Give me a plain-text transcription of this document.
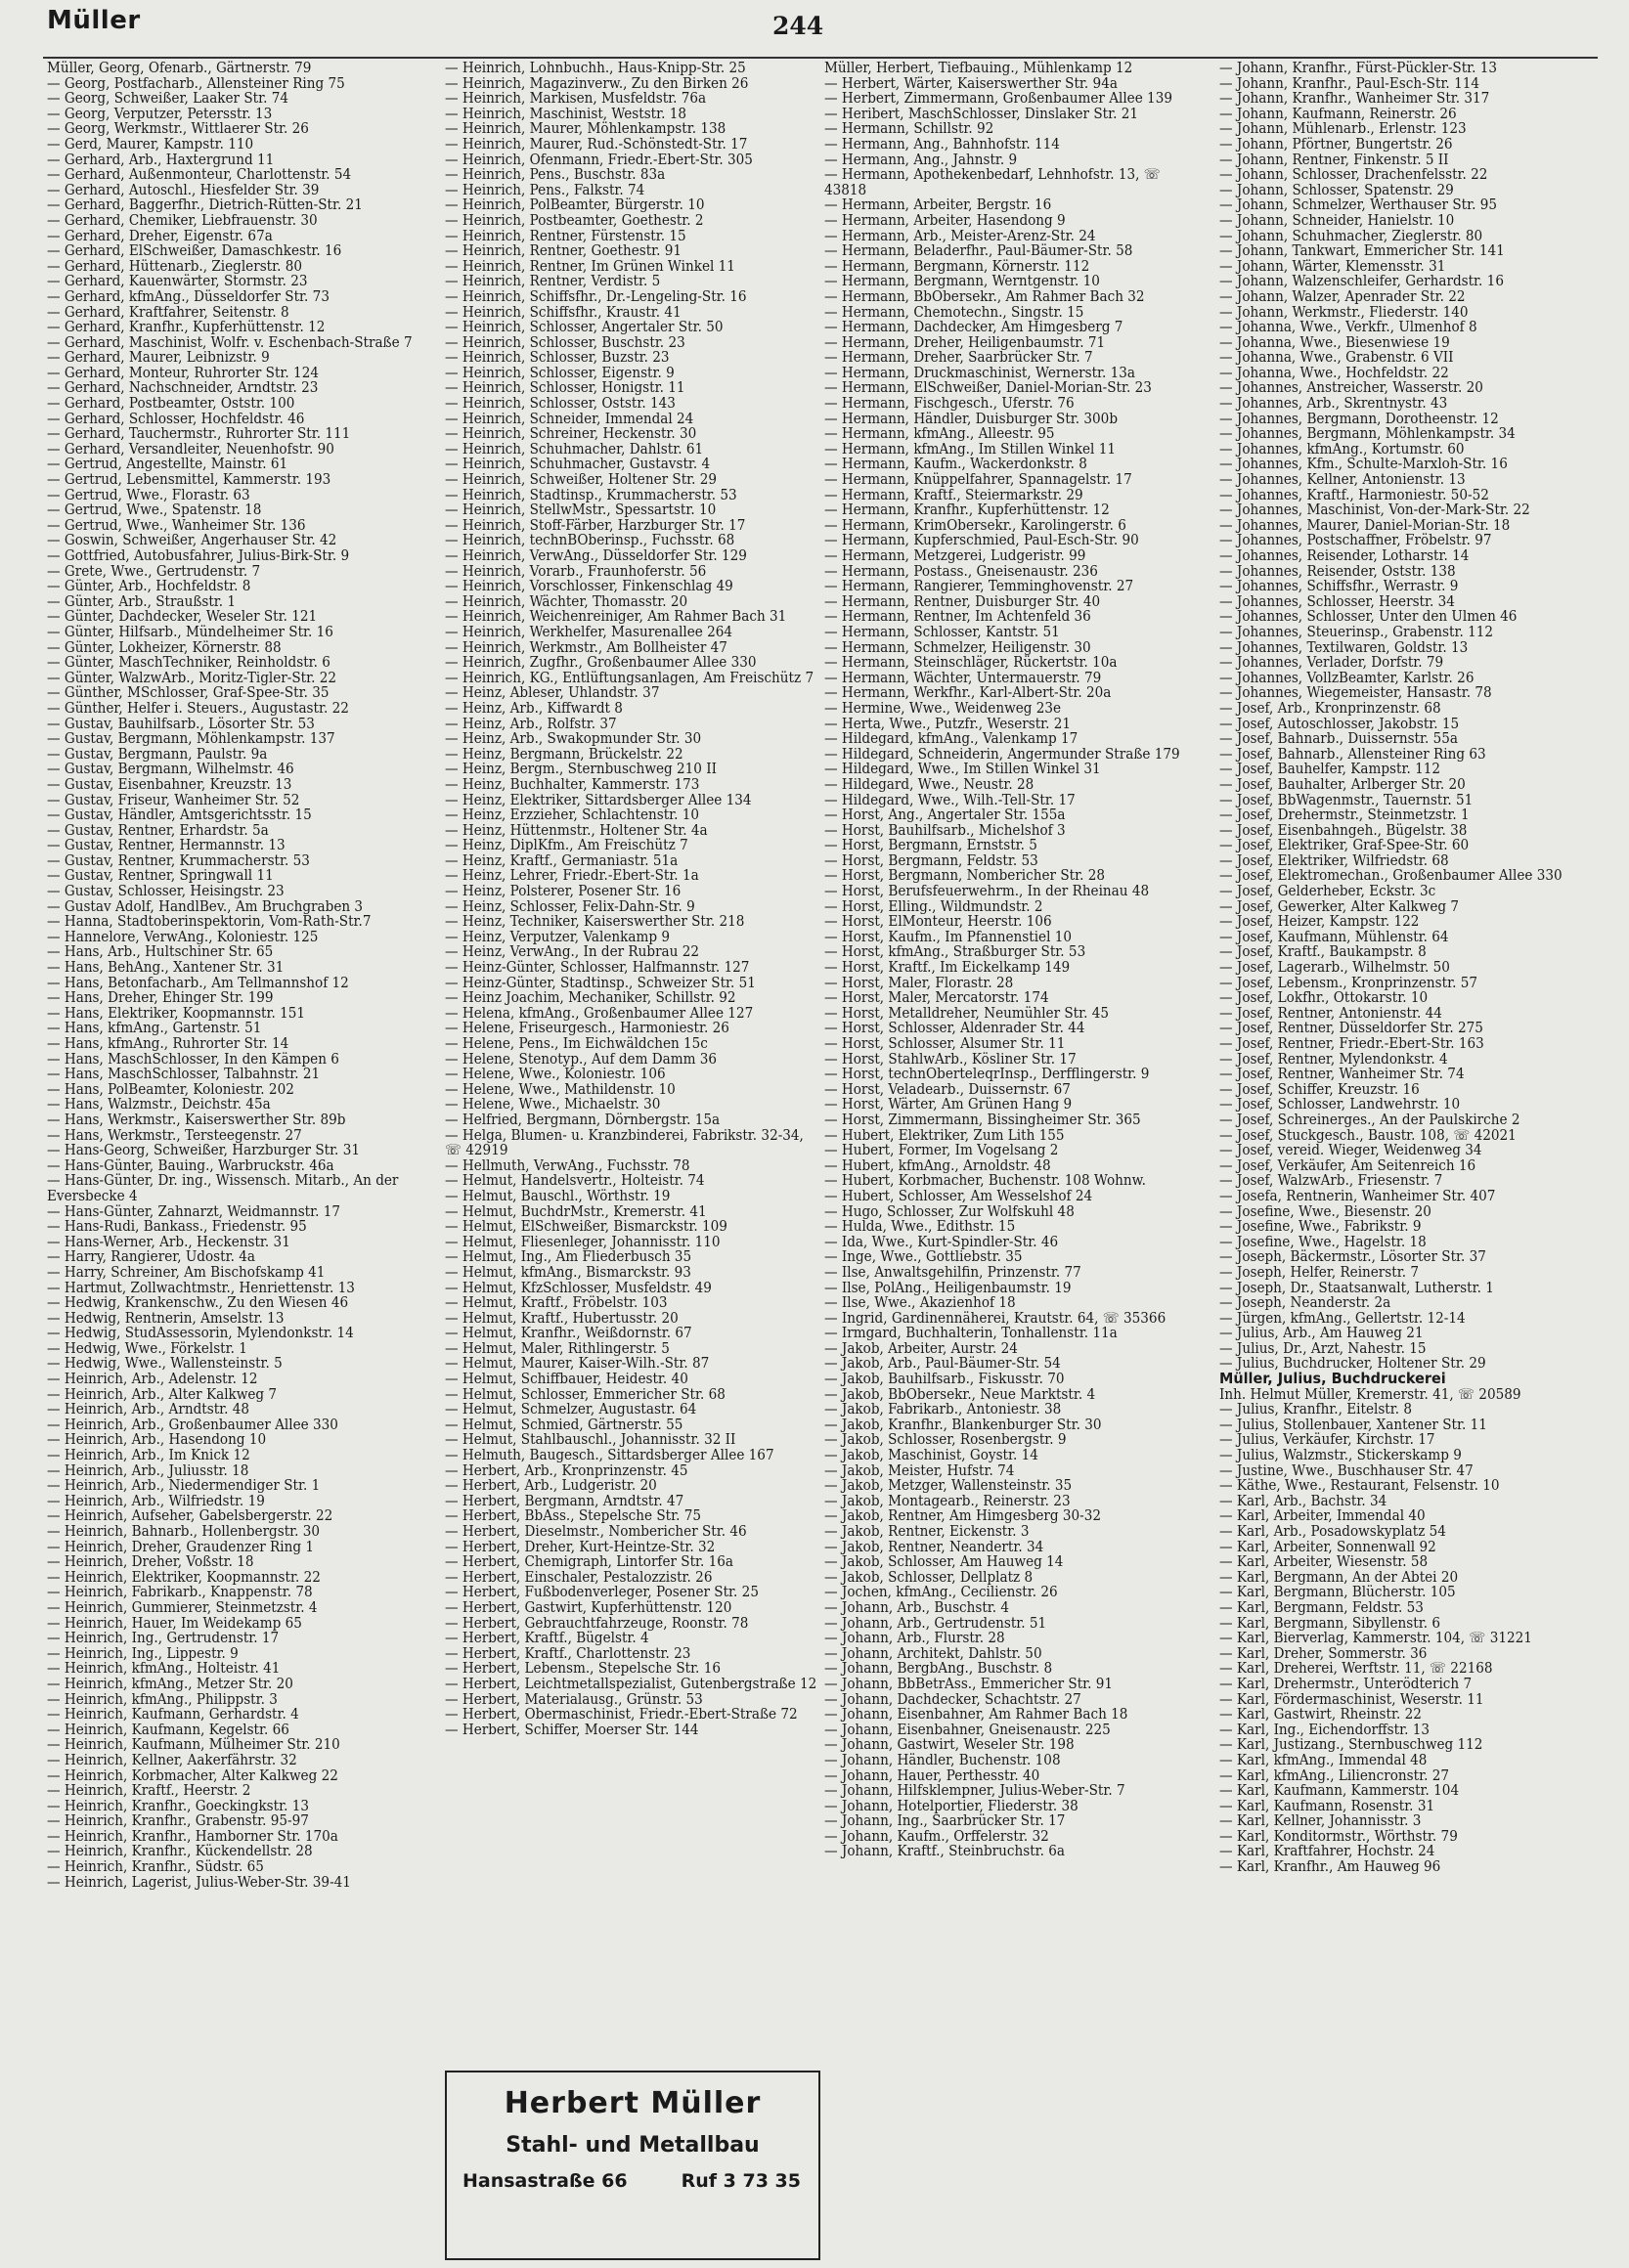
Müller	244

Müller, Georg, Ofenarb., Gärtnerstr. 79

— Georg, Postfacharb., Allensteiner Ring 75

— Georg, Schweißer, Laaker Str. 74

— Georg, Verputzer, Petersstr. 13

— Georg, Werkmstr., Wittlaerer Str. 26

— Gerd, Maurer, Kampstr. 110

— Gerhard, Arb., Haxtergrund 11

— Gerhard, Außenmonteur, Charlottenstr. 54

— Gerhard, Autoschl., Hiesfelder Str. 39

— Gerhard, Baggerfhr., Dietrich-Rütten-Str. 21

— Gerhard, Chemiker, Liebfrauenstr. 30

— Gerhard, Dreher, Eigenstr. 67a

— Gerhard, ElSchweißer, Damaschkestr. 16

— Gerhard, Hüttenarb., Zieglerstr. 80

— Gerhard, Kauenwärter, Stormstr. 23

— Gerhard, kfmAng., Düsseldorfer Str. 73

— Gerhard, Kraftfahrer, Seitenstr. 8

— Gerhard, Kranfhr., Kupferhüttenstr. 12

— Gerhard, Maschinist, Wolfr. v. Eschenbach-Straße 7

— Gerhard, Maurer, Leibnizstr. 9

— Gerhard, Monteur, Ruhrorter Str. 124

— Gerhard, Nachschneider, Arndtstr. 23

— Gerhard, Postbeamter, Oststr. 100

— Gerhard, Schlosser, Hochfeldstr. 46

— Gerhard, Tauchermstr., Ruhrorter Str. 111

— Gerhard, Versandleiter, Neuenhofstr. 90

— Gertrud, Angestellte, Mainstr. 61

— Gertrud, Lebensmittel, Kammerstr. 193

— Gertrud, Wwe., Florastr. 63

— Gertrud, Wwe., Spatenstr. 18

— Gertrud, Wwe., Wanheimer Str. 136

— Goswin, Schweißer, Angerhauser Str. 42

— Gottfried, Autobusfahrer, Julius-Birk-Str. 9

— Grete, Wwe., Gertrudenstr. 7

— Günter, Arb., Hochfeldstr. 8

— Günter, Arb., Straußstr. 1

— Günter, Dachdecker, Weseler Str. 121

— Günter, Hilfsarb., Mündelheimer Str. 16

— Günter, Lokheizer, Körnerstr. 88

— Günter, MaschTechniker, Reinholdstr. 6

— Günter, WalzwArb., Moritz-Tigler-Str. 22

— Günther, MSchlosser, Graf-Spee-Str. 35

— Günther, Helfer i. Steuers., Augustastr. 22

— Gustav, Bauhilfsarb., Lösorter Str. 53

— Gustav, Bergmann, Möhlenkampstr. 137

— Gustav, Bergmann, Paulstr. 9a

— Gustav, Bergmann, Wilhelmstr. 46

— Gustav, Eisenbahner, Kreuzstr. 13

— Gustav, Friseur, Wanheimer Str. 52

— Gustav, Händler, Amtsgerichtsstr. 15

— Gustav, Rentner, Erhardstr. 5a

— Gustav, Rentner, Hermannstr. 13

— Gustav, Rentner, Krummacherstr. 53

— Gustav, Rentner, Springwall 11

— Gustav, Schlosser, Heisingstr. 23

— Gustav Adolf, HandlBev., Am Bruchgraben 3

— Hanna, Stadtoberinspektorin, Vom-Rath-Str.7

— Hannelore, VerwAng., Koloniestr. 125

— Hans, Arb., Hultschiner Str. 65

— Hans, BehAng., Xantener Str. 31

— Hans, Betonfacharb., Am Tellmannshof 12

— Hans, Dreher, Ehinger Str. 199

— Hans, Elektriker, Koopmannstr. 151

— Hans, kfmAng., Gartenstr. 51

— Hans, kfmAng., Ruhrorter Str. 14

— Hans, MaschSchlosser, In den Kämpen 6

— Hans, MaschSchlosser, Talbahnstr. 21

— Hans, PolBeamter, Koloniestr. 202

— Hans, Walzmstr., Deichstr. 45a

— Hans, Werkmstr., Kaiserswerther Str. 89b

— Hans, Werkmstr., Tersteegenstr. 27

— Hans-Georg, Schweißer, Harzburger Str. 31

— Hans-Günter, Bauing., Warbruckstr. 46a

— Hans-Günter, Dr. ing., Wissensch. Mitarb., An der Eversbecke 4

— Hans-Günter, Zahnarzt, Weidmannstr. 17

— Hans-Rudi, Bankass., Friedenstr. 95

— Hans-Werner, Arb., Heckenstr. 31

— Harry, Rangierer, Udostr. 4a

— Harry, Schreiner, Am Bischofskamp 41

— Hartmut, Zollwachtmstr., Henriettenstr. 13

— Hedwig, Krankenschw., Zu den Wiesen 46

— Hedwig, Rentnerin, Amselstr. 13

— Hedwig, StudAssessorin, Mylendonkstr. 14

— Hedwig, Wwe., Förkelstr. 1

— Hedwig, Wwe., Wallensteinstr. 5

— Heinrich, Arb., Adelenstr. 12

— Heinrich, Arb., Alter Kalkweg 7

— Heinrich, Arb., Arndtstr. 48

— Heinrich, Arb., Großenbaumer Allee 330

— Heinrich, Arb., Hasendong 10

— Heinrich, Arb., Im Knick 12

— Heinrich, Arb., Juliusstr. 18

— Heinrich, Arb., Niedermendiger Str. 1

— Heinrich, Arb., Wilfriedstr. 19

— Heinrich, Aufseher, Gabelsbergerstr. 22

— Heinrich, Bahnarb., Hollenbergstr. 30

— Heinrich, Dreher, Graudenzer Ring 1

— Heinrich, Dreher, Voßstr. 18

— Heinrich, Elektriker, Koopmannstr. 22

— Heinrich, Fabrikarb., Knappenstr. 78

— Heinrich, Gummierer, Steinmetzstr. 4

— Heinrich, Hauer, Im Weidekamp 65

— Heinrich, Ing., Gertrudenstr. 17

— Heinrich, Ing., Lippestr. 9

— Heinrich, kfmAng., Holteistr. 41

— Heinrich, kfmAng., Metzer Str. 20

— Heinrich, kfmAng., Philippstr. 3

— Heinrich, Kaufmann, Gerhardstr. 4

— Heinrich, Kaufmann, Kegelstr. 66

— Heinrich, Kaufmann, Mülheimer Str. 210

— Heinrich, Kellner, Aakerfährstr. 32

— Heinrich, Korbmacher, Alter Kalkweg 22

— Heinrich, Kraftf., Heerstr. 2

— Heinrich, Kranfhr., Goeckingkstr. 13

— Heinrich, Kranfhr., Grabenstr. 95-97

— Heinrich, Kranfhr., Hamborner Str. 170a

— Heinrich, Kranfhr., Kückendellstr. 28

— Heinrich, Kranfhr., Südstr. 65

— Heinrich, Lagerist, Julius-Weber-Str. 39-41

— Heinrich, Lohnbuchh., Haus-Knipp-Str. 25

— Heinrich, Magazinverw., Zu den Birken 26

— Heinrich, Markisen, Musfeldstr. 76a

— Heinrich, Maschinist, Weststr. 18

— Heinrich, Maurer, Möhlenkampstr. 138

— Heinrich, Maurer, Rud.-Schönstedt-Str. 17

— Heinrich, Ofenmann, Friedr.-Ebert-Str. 305

— Heinrich, Pens., Buschstr. 83a

— Heinrich, Pens., Falkstr. 74

— Heinrich, PolBeamter, Bürgerstr. 10

— Heinrich, Postbeamter, Goethestr. 2

— Heinrich, Rentner, Fürstenstr. 15

— Heinrich, Rentner, Goethestr. 91

— Heinrich, Rentner, Im Grünen Winkel 11

— Heinrich, Rentner, Verdistr. 5

— Heinrich, Schiffsfhr., Dr.-Lengeling-Str. 16

— Heinrich, Schiffsfhr., Kraustr. 41

— Heinrich, Schlosser, Angertaler Str. 50

— Heinrich, Schlosser, Buschstr. 23

— Heinrich, Schlosser, Buzstr. 23

— Heinrich, Schlosser, Eigenstr. 9

— Heinrich, Schlosser, Honigstr. 11

— Heinrich, Schlosser, Oststr. 143

— Heinrich, Schneider, Immendal 24

— Heinrich, Schreiner, Heckenstr. 30

— Heinrich, Schuhmacher, Dahlstr. 61

— Heinrich, Schuhmacher, Gustavstr. 4

— Heinrich, Schweißer, Holtener Str. 29

— Heinrich, Stadtinsp., Krummacherstr. 53

— Heinrich, StellwMstr., Spessartstr. 10

— Heinrich, Stoff-Färber, Harzburger Str. 17

— Heinrich, technBOberinsp., Fuchsstr. 68

— Heinrich, VerwAng., Düsseldorfer Str. 129

— Heinrich, Vorarb., Fraunhoferstr. 56

— Heinrich, Vorschlosser, Finkenschlag 49

— Heinrich, Wächter, Thomasstr. 20

— Heinrich, Weichenreiniger, Am Rahmer Bach 31

— Heinrich, Werkhelfer, Masurenallee 264

— Heinrich, Werkmstr., Am Bollheister 47

— Heinrich, Zugfhr., Großenbaumer Allee 330

— Heinrich, KG., Entlüftungsanlagen, Am Freischütz 7

— Heinz, Ableser, Uhlandstr. 37

— Heinz, Arb., Kiffwardt 8

— Heinz, Arb., Rolfstr. 37

— Heinz, Arb., Swakopmunder Str. 30

— Heinz, Bergmann, Brückelstr. 22

— Heinz, Bergm., Sternbuschweg 210 II

— Heinz, Buchhalter, Kammerstr. 173

— Heinz, Elektriker, Sittardsberger Allee 134

— Heinz, Erzzieher, Schlachtenstr. 10

— Heinz, Hüttenmstr., Holtener Str. 4a

— Heinz, DiplKfm., Am Freischütz 7

— Heinz, Kraftf., Germaniastr. 51a

— Heinz, Lehrer, Friedr.-Ebert-Str. 1a

— Heinz, Polsterer, Posener Str. 16

— Heinz, Schlosser, Felix-Dahn-Str. 9

— Heinz, Techniker, Kaiserswerther Str. 218

— Heinz, Verputzer, Valenkamp 9

— Heinz, VerwAng., In der Rubrau 22

— Heinz-Günter, Schlosser, Halfmannstr. 127

— Heinz-Günter, Stadtinsp., Schweizer Str. 51

— Heinz Joachim, Mechaniker, Schillstr. 92

— Helena, kfmAng., Großenbaumer Allee 127

— Helene, Friseurgesch., Harmoniestr. 26

— Helene, Pens., Im Eichwäldchen 15c

— Helene, Stenotyp., Auf dem Damm 36

— Helene, Wwe., Koloniestr. 106

— Helene, Wwe., Mathildenstr. 10

— Helene, Wwe., Michaelstr. 30

— Helfried, Bergmann, Dörnbergstr. 15a

— Helga, Blumen- u. Kranzbinderei, Fabrikstr. 32-34, ☏ 42919

— Hellmuth, VerwAng., Fuchsstr. 78

— Helmut, Handelsvertr., Holteistr. 74

— Helmut, Bauschl., Wörthstr. 19

— Helmut, BuchdrMstr., Kremerstr. 41

— Helmut, ElSchweißer, Bismarckstr. 109

— Helmut, Fliesenleger, Johannisstr. 110

— Helmut, Ing., Am Fliederbusch 35

— Helmut, kfmAng., Bismarckstr. 93

— Helmut, KfzSchlosser, Musfeldstr. 49

— Helmut, Kraftf., Fröbelstr. 103

— Helmut, Kraftf., Hubertusstr. 20

— Helmut, Kranfhr., Weißdornstr. 67

— Helmut, Maler, Rithlingerstr. 5

— Helmut, Maurer, Kaiser-Wilh.-Str. 87

— Helmut, Schiffbauer, Heidestr. 40

— Helmut, Schlosser, Emmericher Str. 68

— Helmut, Schmelzer, Augustastr. 64

— Helmut, Schmied, Gärtnerstr. 55

— Helmut, Stahlbauschl., Johannisstr. 32 II

— Helmuth, Baugesch., Sittardsberger Allee 167

— Herbert, Arb., Kronprinzenstr. 45

— Herbert, Arb., Ludgeristr. 20

— Herbert, Bergmann, Arndtstr. 47

— Herbert, BbAss., Stepelsche Str. 75

— Herbert, Dieselmstr., Nombericher Str. 46

— Herbert, Dreher, Kurt-Heintze-Str. 32

— Herbert, Chemigraph, Lintorfer Str. 16a

— Herbert, Einschaler, Pestalozzistr. 26

— Herbert, Fußbodenverleger, Posener Str. 25

— Herbert, Gastwirt, Kupferhüttenstr. 120

— Herbert, Gebrauchtfahrzeuge, Roonstr. 78

— Herbert, Kraftf., Bügelstr. 4

— Herbert, Kraftf., Charlottenstr. 23

— Herbert, Lebensm., Stepelsche Str. 16

— Herbert, Leichtmetallspezialist, Gutenbergstraße 12

— Herbert, Materialausg., Grünstr. 53

— Herbert, Obermaschinist, Friedr.-Ebert-Straße 72

— Herbert, Schiffer, Moerser Str. 144

Müller, Herbert, Tiefbauing., Mühlenkamp 12

— Herbert, Wärter, Kaiserswerther Str. 94a

— Herbert, Zimmermann, Großenbaumer Allee 139

— Heribert, MaschSchlosser, Dinslaker Str. 21

— Hermann, Schillstr. 92

— Hermann, Ang., Bahnhofstr. 114

— Hermann, Ang., Jahnstr. 9

— Hermann, Apothekenbedarf, Lehnhofstr. 13, ☏ 43818

— Hermann, Arbeiter, Bergstr. 16

— Hermann, Arbeiter, Hasendong 9

— Hermann, Arb., Meister-Arenz-Str. 24

— Hermann, Beladerfhr., Paul-Bäumer-Str. 58

— Hermann, Bergmann, Körnerstr. 112

— Hermann, Bergmann, Werntgenstr. 10

— Hermann, BbObersekr., Am Rahmer Bach 32

— Hermann, Chemotechn., Singstr. 15

— Hermann, Dachdecker, Am Himgesberg 7

— Hermann, Dreher, Heiligenbaumstr. 71

— Hermann, Dreher, Saarbrücker Str. 7

— Hermann, Druckmaschinist, Wernerstr. 13a

— Hermann, ElSchweißer, Daniel-Morian-Str. 23

— Hermann, Fischgesch., Uferstr. 76

— Hermann, Händler, Duisburger Str. 300b

— Hermann, kfmAng., Alleestr. 95

— Hermann, kfmAng., Im Stillen Winkel 11

— Hermann, Kaufm., Wackerdonkstr. 8

— Hermann, Knüppelfahrer, Spannagelstr. 17

— Hermann, Kraftf., Steiermarkstr. 29

— Hermann, Kranfhr., Kupferhüttenstr. 12

— Hermann, KrimObersekr., Karolingerstr. 6

— Hermann, Kupferschmied, Paul-Esch-Str. 90

— Hermann, Metzgerei, Ludgeristr. 99

— Hermann, Postass., Gneisenaustr. 236

— Hermann, Rangierer, Temminghovenstr. 27

— Hermann, Rentner, Duisburger Str. 40

— Hermann, Rentner, Im Achtenfeld 36

— Hermann, Schlosser, Kantstr. 51

— Hermann, Schmelzer, Heiligenstr. 30

— Hermann, Steinschläger, Rückertstr. 10a

— Hermann, Wächter, Untermauerstr. 79

— Hermann, Werkfhr., Karl-Albert-Str. 20a

— Hermine, Wwe., Weidenweg 23e

— Herta, Wwe., Putzfr., Weserstr. 21

— Hildegard, kfmAng., Valenkamp 17

— Hildegard, Schneiderin, Angermunder Straße 179

— Hildegard, Wwe., Im Stillen Winkel 31

— Hildegard, Wwe., Neustr. 28

— Hildegard, Wwe., Wilh.-Tell-Str. 17

— Horst, Ang., Angertaler Str. 155a

— Horst, Bauhilfsarb., Michelshof 3

— Horst, Bergmann, Ernststr. 5

— Horst, Bergmann, Feldstr. 53

— Horst, Bergmann, Nombericher Str. 28

— Horst, Berufsfeuerwehrm., In der Rheinau 48

— Horst, Elling., Wildmundstr. 2

— Horst, ElMonteur, Heerstr. 106

— Horst, Kaufm., Im Pfannenstiel 10

— Horst, kfmAng., Straßburger Str. 53

— Horst, Kraftf., Im Eickelkamp 149

— Horst, Maler, Florastr. 28

— Horst, Maler, Mercatorstr. 174

— Horst, Metalldreher, Neumühler Str. 45

— Horst, Schlosser, Aldenrader Str. 44

— Horst, Schlosser, Alsumer Str. 11

— Horst, StahlwArb., Kösliner Str. 17

— Horst, technOberteleqrInsp., Derfflingerstr. 9

— Horst, Veladearb., Duissernstr. 67

— Horst, Wärter, Am Grünen Hang 9

— Horst, Zimmermann, Bissingheimer Str. 365

— Hubert, Elektriker, Zum Lith 155

— Hubert, Former, Im Vogelsang 2

— Hubert, kfmAng., Arnoldstr. 48

— Hubert, Korbmacher, Buchenstr. 108 Wohnw.

— Hubert, Schlosser, Am Wesselshof 24

— Hugo, Schlosser, Zur Wolfskuhl 48

— Hulda, Wwe., Edithstr. 15

— Ida, Wwe., Kurt-Spindler-Str. 46

— Inge, Wwe., Gottliebstr. 35

— Ilse, Anwaltsgehilfin, Prinzenstr. 77

— Ilse, PolAng., Heiligenbaumstr. 19

— Ilse, Wwe., Akazienhof 18

— Ingrid, Gardinennäherei, Krautstr. 64, ☏ 35366

— Irmgard, Buchhalterin, Tonhallenstr. 11a

— Jakob, Arbeiter, Aurstr. 24

— Jakob, Arb., Paul-Bäumer-Str. 54

— Jakob, Bauhilfsarb., Fiskusstr. 70

— Jakob, BbObersekr., Neue Marktstr. 4

— Jakob, Fabrikarb., Antoniestr. 38

— Jakob, Kranfhr., Blankenburger Str. 30

— Jakob, Schlosser, Rosenbergstr. 9

— Jakob, Maschinist, Goystr. 14

— Jakob, Meister, Hufstr. 74

— Jakob, Metzger, Wallensteinstr. 35

— Jakob, Montagearb., Reinerstr. 23

— Jakob, Rentner, Am Himgesberg 30-32

— Jakob, Rentner, Eickenstr. 3

— Jakob, Rentner, Neandertr. 34

— Jakob, Schlosser, Am Hauweg 14

— Jakob, Schlosser, Dellplatz 8

— Jochen, kfmAng., Cecilienstr. 26

— Johann, Arb., Buschstr. 4

— Johann, Arb., Gertrudenstr. 51

— Johann, Arb., Flurstr. 28

— Johann, Architekt, Dahlstr. 50

— Johann, BergbAng., Buschstr. 8

— Johann, BbBetrAss., Emmericher Str. 91

— Johann, Dachdecker, Schachtstr. 27

— Johann, Eisenbahner, Am Rahmer Bach 18

— Johann, Eisenbahner, Gneisenaustr. 225

— Johann, Gastwirt, Weseler Str. 198

— Johann, Händler, Buchenstr. 108

— Johann, Hauer, Perthesstr. 40

— Johann, Hilfsklempner, Julius-Weber-Str. 7

— Johann, Hotelportier, Fliederstr. 38

— Johann, Ing., Saarbrücker Str. 17

— Johann, Kaufm., Orffelerstr. 32

— Johann, Kraftf., Steinbruchstr. 6a

— Johann, Kranfhr., Fürst-Pückler-Str. 13

— Johann, Kranfhr., Paul-Esch-Str. 114

— Johann, Kranfhr., Wanheimer Str. 317

— Johann, Kaufmann, Reinerstr. 26

— Johann, Mühlenarb., Erlenstr. 123

— Johann, Pförtner, Bungertstr. 26

— Johann, Rentner, Finkenstr. 5 II

— Johann, Schlosser, Drachenfelsstr. 22

— Johann, Schlosser, Spatenstr. 29

— Johann, Schmelzer, Werthauser Str. 95

— Johann, Schneider, Hanielstr. 10

— Johann, Schuhmacher, Zieglerstr. 80

— Johann, Tankwart, Emmericher Str. 141

— Johann, Wärter, Klemensstr. 31

— Johann, Walzenschleifer, Gerhardstr. 16

— Johann, Walzer, Apenrader Str. 22

— Johann, Werkmstr., Fliederstr. 140

— Johanna, Wwe., Verkfr., Ulmenhof 8

— Johanna, Wwe., Biesenwiese 19

— Johanna, Wwe., Grabenstr. 6 VII

— Johanna, Wwe., Hochfeldstr. 22

— Johannes, Anstreicher, Wasserstr. 20

— Johannes, Arb., Skrentnystr. 43

— Johannes, Bergmann, Dorotheenstr. 12

— Johannes, Bergmann, Möhlenkampstr. 34

— Johannes, kfmAng., Kortumstr. 60

— Johannes, Kfm., Schulte-Marxloh-Str. 16

— Johannes, Kellner, Antonienstr. 13

— Johannes, Kraftf., Harmoniestr. 50-52

— Johannes, Maschinist, Von-der-Mark-Str. 22

— Johannes, Maurer, Daniel-Morian-Str. 18

— Johannes, Postschaffner, Fröbelstr. 97

— Johannes, Reisender, Lotharstr. 14

— Johannes, Reisender, Oststr. 138

— Johannes, Schiffsfhr., Werrastr. 9

— Johannes, Schlosser, Heerstr. 34

— Johannes, Schlosser, Unter den Ulmen 46

— Johannes, Steuerinsp., Grabenstr. 112

— Johannes, Textilwaren, Goldstr. 13

— Johannes, Verlader, Dorfstr. 79

— Johannes, VollzBeamter, Karlstr. 26

— Johannes, Wiegemeister, Hansastr. 78

— Josef, Arb., Kronprinzenstr. 68

— Josef, Autoschlosser, Jakobstr. 15

— Josef, Bahnarb., Duissernstr. 55a

— Josef, Bahnarb., Allensteiner Ring 63

— Josef, Bauhelfer, Kampstr. 112

— Josef, Bauhalter, Arlberger Str. 20

— Josef, BbWagenmstr., Tauernstr. 51

— Josef, Drehermstr., Steinmetzstr. 1

— Josef, Eisenbahngeh., Bügelstr. 38

— Josef, Elektriker, Graf-Spee-Str. 60

— Josef, Elektriker, Wilfriedstr. 68

— Josef, Elektromechan., Großenbaumer Allee 330

— Josef, Gelderheber, Eckstr. 3c

— Josef, Gewerker, Alter Kalkweg 7

— Josef, Heizer, Kampstr. 122

— Josef, Kaufmann, Mühlenstr. 64

— Josef, Kraftf., Baukampstr. 8

— Josef, Lagerarb., Wilhelmstr. 50

— Josef, Lebensm., Kronprinzenstr. 57

— Josef, Lokfhr., Ottokarstr. 10

— Josef, Rentner, Antonienstr. 44

— Josef, Rentner, Düsseldorfer Str. 275

— Josef, Rentner, Friedr.-Ebert-Str. 163

— Josef, Rentner, Mylendonkstr. 4

— Josef, Rentner, Wanheimer Str. 74

— Josef, Schiffer, Kreuzstr. 16

— Josef, Schlosser, Landwehrstr. 10

— Josef, Schreinerges., An der Paulskirche 2

— Josef, Stuckgesch., Baustr. 108, ☏ 42021

— Josef, vereid. Wieger, Weidenweg 34

— Josef, Verkäufer, Am Seitenreich 16

— Josef, WalzwArb., Friesenstr. 7

— Josefa, Rentnerin, Wanheimer Str. 407

— Josefine, Wwe., Biesenstr. 20

— Josefine, Wwe., Fabrikstr. 9

— Josefine, Wwe., Hagelstr. 18

— Joseph, Bäckermstr., Lösorter Str. 37

— Joseph, Helfer, Reinerstr. 7

— Joseph, Dr., Staatsanwalt, Lutherstr. 1

— Joseph, Neanderstr. 2a

— Jürgen, kfmAng., Gellertstr. 12-14

— Julius, Arb., Am Hauweg 21

— Julius, Dr., Arzt, Nahestr. 15

— Julius, Buchdrucker, Holtener Str. 29

Müller, Julius, Buchdruckerei

Inh. Helmut Müller, Kremerstr. 41, ☏ 20589

— Julius, Kranfhr., Eitelstr. 8

— Julius, Stollenbauer, Xantener Str. 11

— Julius, Verkäufer, Kirchstr. 17

— Julius, Walzmstr., Stickerskamp 9

— Justine, Wwe., Buschhauser Str. 47

— Käthe, Wwe., Restaurant, Felsenstr. 10

— Karl, Arb., Bachstr. 34

— Karl, Arbeiter, Immendal 40

— Karl, Arb., Posadowskyplatz 54

— Karl, Arbeiter, Sonnenwall 92

— Karl, Arbeiter, Wiesenstr. 58

— Karl, Bergmann, An der Abtei 20

— Karl, Bergmann, Blücherstr. 105

— Karl, Bergmann, Feldstr. 53

— Karl, Bergmann, Sibyllenstr. 6

— Karl, Bierverlag, Kammerstr. 104, ☏ 31221

— Karl, Dreher, Sommerstr. 36

— Karl, Dreherei, Werftstr. 11, ☏ 22168

— Karl, Drehermstr., Unterödterich 7

— Karl, Fördermaschinist, Weserstr. 11

— Karl, Gastwirt, Rheinstr. 22

— Karl, Ing., Eichendorffstr. 13

— Karl, Justizang., Sternbuschweg 112

— Karl, kfmAng., Immendal 48

— Karl, kfmAng., Liliencronstr. 27

— Karl, Kaufmann, Kammerstr. 104

— Karl, Kaufmann, Rosenstr. 31

— Karl, Kellner, Johannisstr. 3

— Karl, Konditormstr., Wörthstr. 79

— Karl, Kraftfahrer, Hochstr. 24

— Karl, Kranfhr., Am Hauweg 96

Herbert Müller
Stahl- und Metallbau
Hansastraße 66	Ruf 3 73 35
